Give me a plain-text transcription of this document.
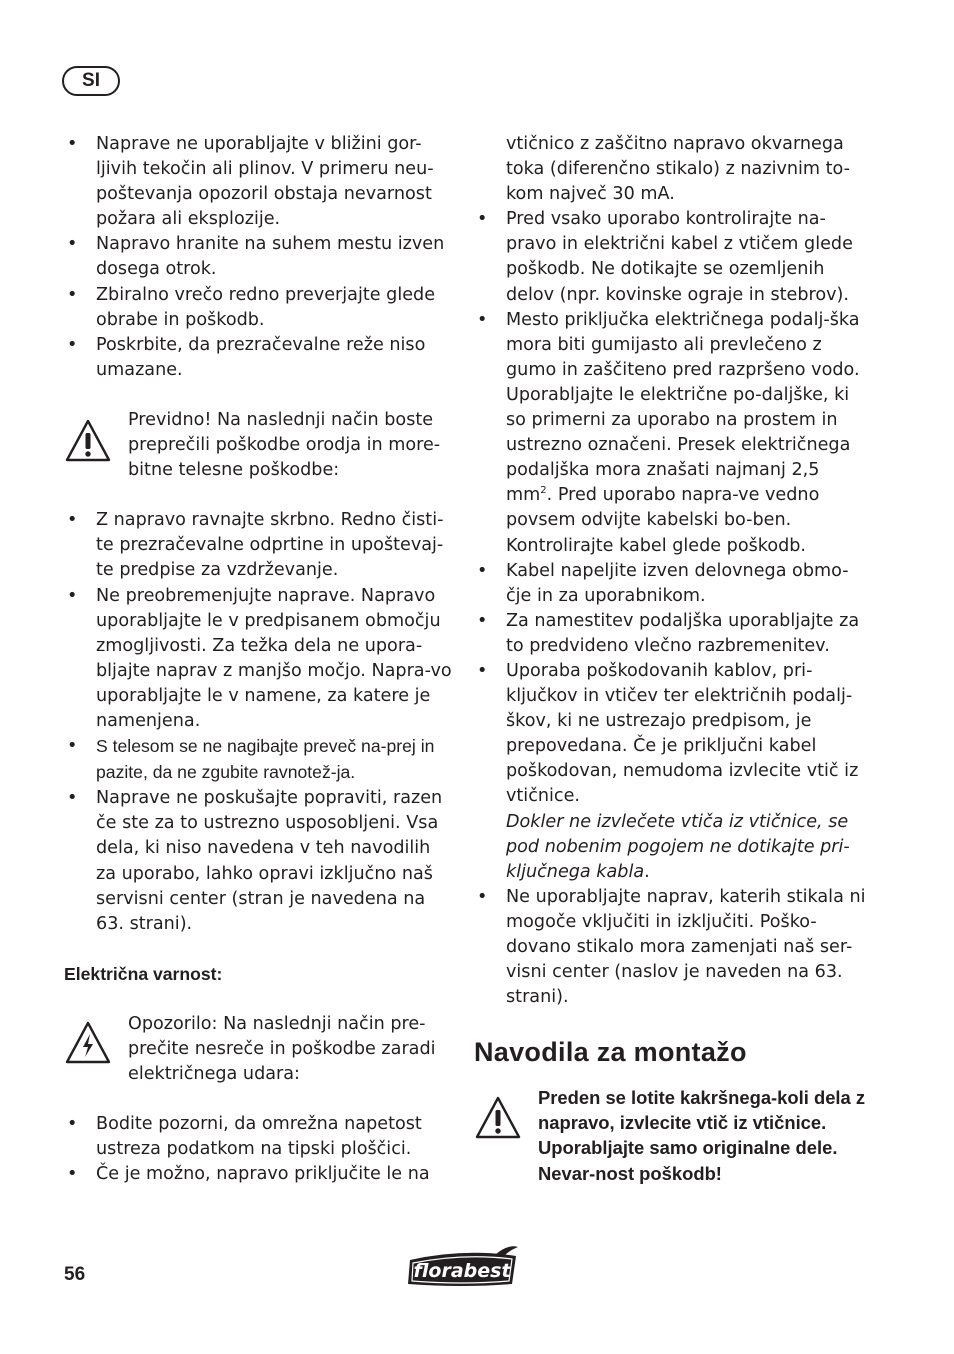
SI
• Naprave ne uporabljajte v bližini gor-ljivih tekočin ali plinov. V primeru neu-poštevanja opozoril obstaja nevarnost požara ali eksplozije.
• Napravo hranite na suhem mestu izven dosega otrok.
• Zbiralno vrečo redno preverjajte glede obrabe in poškodb.
• Poskrbite, da prezračevalne reže niso umazane.
Previdno! Na naslednji način boste preprečili poškodbe orodja in more-bitne telesne poškodbe:
• Z napravo ravnajte skrbno. Redno čisti-te prezračevalne odprtine in upoštevaj-te predpise za vzdrževanje.
• Ne preobremenjujte naprave. Napravo uporabljajte le v predpisanem območju zmogljivosti. Za težka dela ne upora-bljajte naprav z manjšo močjo. Napra-vo uporabljajte le v namene, za katere je namenjena.
• S telesom se ne nagibajte preveč na-prej in pazite, da ne zgubite ravnotež-ja.
• Naprave ne poskušajte popraviti, razen če ste za to ustrezno usposobljeni. Vsa dela, ki niso navedena v teh navodilih za uporabo, lahko opravi izključno naš servisni center (stran je navedena na 63. strani).
Električna varnost:
Opozorilo: Na naslednji način pre-prečite nesreče in poškodbe zaradi električnega udara:
• Bodite pozorni, da omrežna napetost ustreza podatkom na tipski ploščici.
• Če je možno, napravo priključite le na
vtičnico z zaščitno napravo okvarnega toka (diferenčno stikalo) z nazivnim to-kom največ 30 mA.
• Pred vsako uporabo kontrolirajte na-pravo in električni kabel z vtičem glede poškodb. Ne dotikajte se ozemljenih delov (npr. kovinske ograje in stebrov).
• Mesto priključka električnega podalj-ška mora biti gumijasto ali prevlečeno z gumo in zaščiteno pred razpršeno vodo. Uporabljajte le električne po-daljške, ki so primerni za uporabo na prostem in ustrezno označeni. Presek električnega podaljška mora znašati najmanj 2,5 $mm^2$. Pred uporabo napra-ve vedno povsem odvijte kabelski bo-ben. Kontrolirajte kabel glede poškodb.
• Kabel napeljite izven delovnega obmo-čje in za uporabnikom.
• Za namestitev podaljška uporabljajte za to predvideno vlečno razbremenitev.
• Uporaba poškodovanih kablov, pri-ključkov in vtičev ter električnih podalj-škov, ki ne ustrezajo predpisom, je prepovedana. Če je priključni kabel poškodovan, nemudoma izvlecite vtič iz vtičnice.
Dokler ne izvlečete vtiča iz vtičnice, se pod nobenim pogojem ne dotikajte pri-ključnega kabla.
• Ne uporabljajte naprav, katerih stikala ni mogoče vključiti in izključiti. Poško-dovano stikalo mora zamenjati naš ser-visni center (naslov je naveden na 63. strani).
Navodila za montažo
Preden se lotite kakršnega-koli dela z napravo, izvlecite vtič iz vtičnice. Uporabljajte samo originalne dele. Nevar-nost poškodb!
56	florabest
